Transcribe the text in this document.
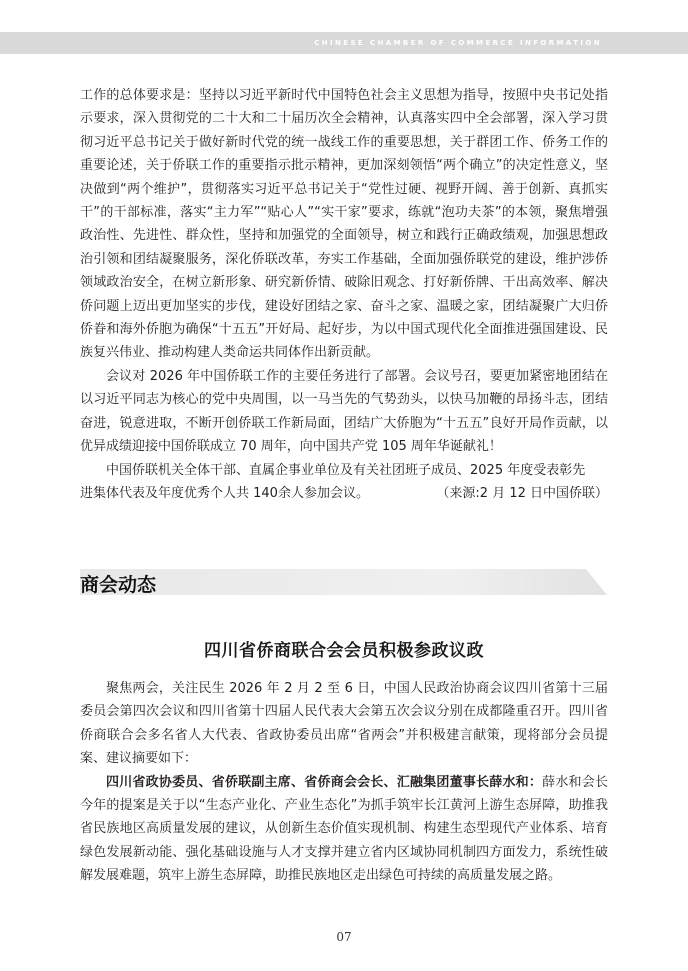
CHINESE CHAMBER OF COMMERCE INFORMATION

工作的总体要求是：坚持以习近平新时代中国特色社会主义思想为指导，按照中央书记处指示要求，深入贯彻党的二十大和二十届历次全会精神，认真落实四中全会部署，深入学习贯彻习近平总书记关于做好新时代党的统一战线工作的重要思想，关于群团工作、侨务工作的重要论述，关于侨联工作的重要指示批示精神，更加深刻领悟“两个确立”的决定性意义，坚决做到“两个维护”，贯彻落实习近平总书记关于“党性过硬、视野开阔、善于创新、真抓实干”的干部标准，落实“主力军”“贴心人”“实干家”要求，练就“泡功夫茶”的本领，聚焦增强政治性、先进性、群众性，坚持和加强党的全面领导，树立和践行正确政绩观，加强思想政治引领和团结凝聚服务，深化侨联改革，夯实工作基础，全面加强侨联党的建设，维护涉侨领域政治安全，在树立新形象、研究新侨情、破除旧观念、打好新侨牌、干出高效率、解决侨问题上迈出更加坚实的步伐，建设好团结之家、奋斗之家、温暖之家，团结凝聚广大归侨侨眷和海外侨胞为确保“十五五”开好局、起好步，为以中国式现代化全面推进强国建设、民族复兴伟业、推动构建人类命运共同体作出新贡献。

会议对 2026 年中国侨联工作的主要任务进行了部署。会议号召，要更加紧密地团结在以习近平同志为核心的党中央周围，以一马当先的气势劲头，以快马加鞭的昂扬斗志，团结奋进，锐意进取，不断开创侨联工作新局面，团结广大侨胞为“十五五”良好开局作贡献，以优异成绩迎接中国侨联成立 70 周年，向中国共产党 105 周年华诞献礼！

中国侨联机关全体干部、直属企事业单位及有关社团班子成员、2025 年度受表彰先

进集体代表及年度优秀个人共 140余人参加会议。	（来源:2 月 12 日中国侨联）

商会动态
四川省侨商联合会会员积极参政议政

聚焦两会，关注民生 2026 年 2 月 2 至 6 日，中国人民政治协商会议四川省第十三届委员会第四次会议和四川省第十四届人民代表大会第五次会议分别在成都隆重召开。四川省侨商联合会多名省人大代表、省政协委员出席“省两会”并积极建言献策，现将部分会员提案、建议摘要如下：

四川省政协委员、省侨联副主席、省侨商会会长、汇融集团董事长薛水和：薛水和会长今年的提案是关于以“生态产业化、产业生态化”为抓手筑牢长江黄河上游生态屏障，助推我省民族地区高质量发展的建议，从创新生态价值实现机制、构建生态型现代产业体系、培育绿色发展新动能、强化基础设施与人才支撑并建立省内区域协同机制四方面发力，系统性破解发展难题，筑牢上游生态屏障，助推民族地区走出绿色可持续的高质量发展之路。

07
